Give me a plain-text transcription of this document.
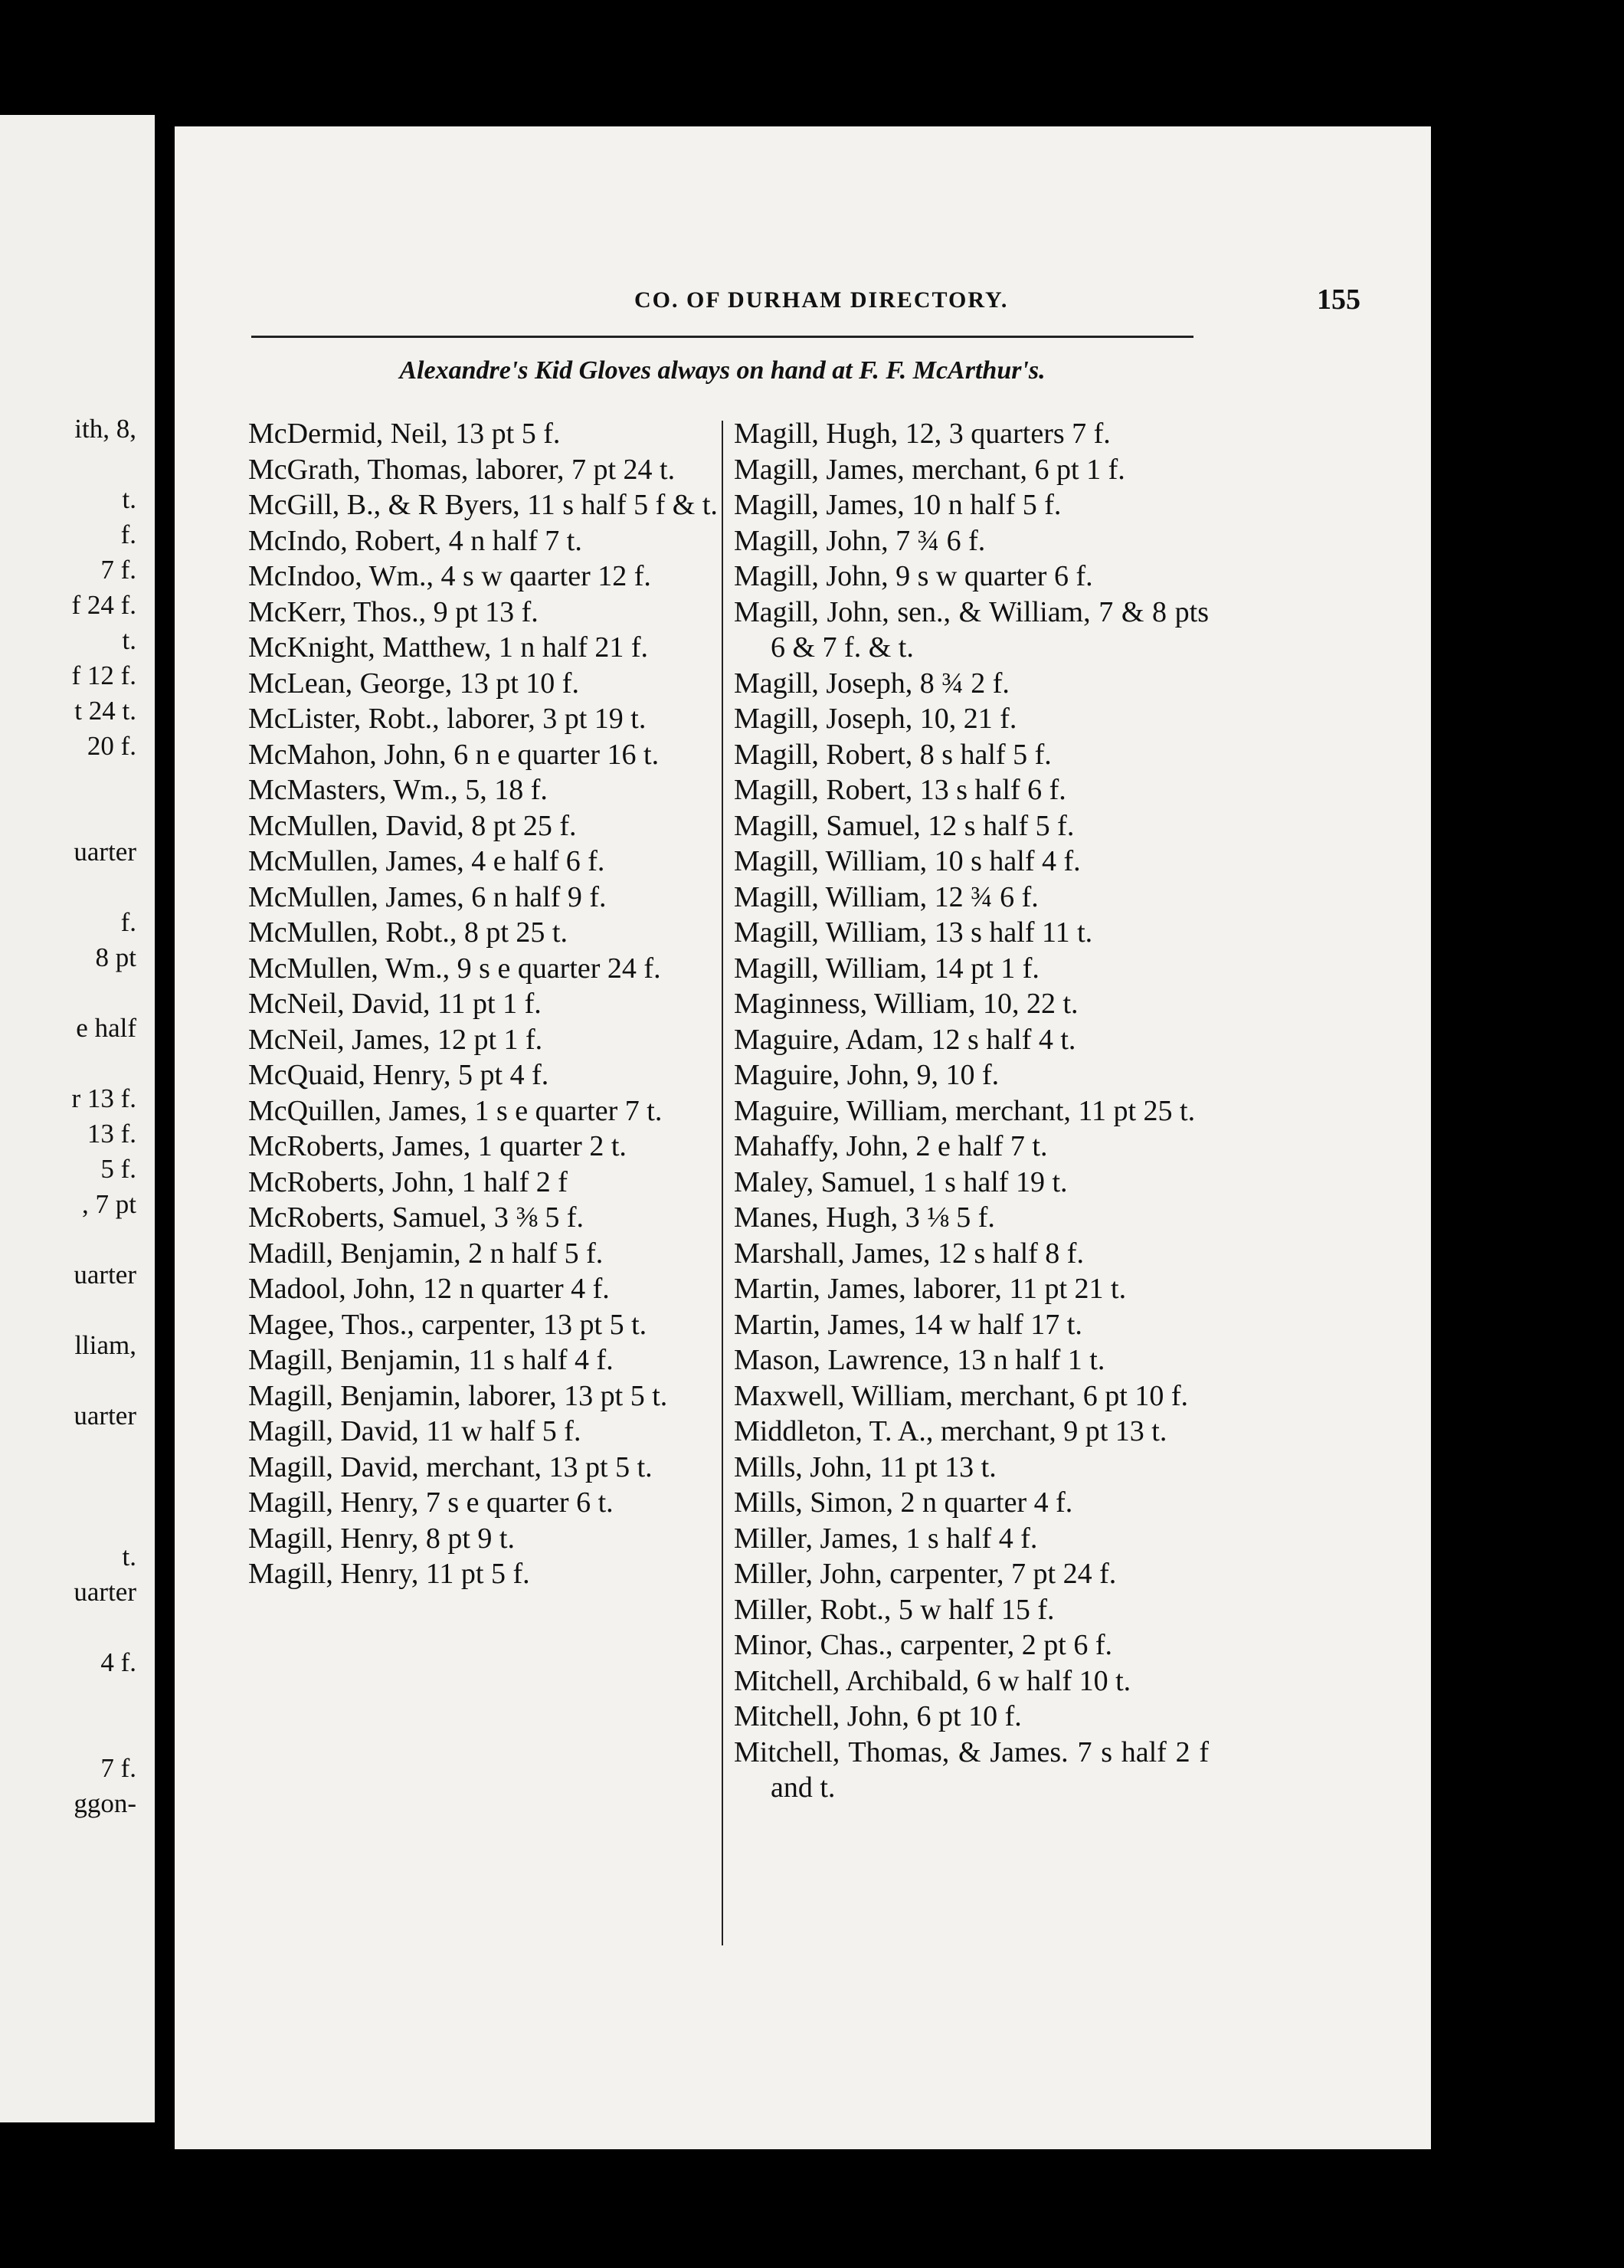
ith, 8,
t.
f.
7 f.
f 24 f.
t.
f 12 f.
t 24 t.
20 f.
uarter
f.
8 pt
e half
r 13 f.
13 f.
5 f.
, 7 pt
uarter
lliam,
uarter
t.
uarter
4 f.
7 f.
ggon-
CO. OF DURHAM DIRECTORY.	155
Alexandre's Kid Gloves always on hand at F. F. McArthur's.
McDermid, Neil, 13 pt 5 f.
McGrath, Thomas, laborer, 7 pt 24 t.
McGill, B., & R Byers, 11 s half 5 f & t.
McIndo, Robert, 4 n half 7 t.
McIndoo, Wm., 4 s w qaarter 12 f.
McKerr, Thos., 9 pt 13 f.
McKnight, Matthew, 1 n half 21 f.
McLean, George, 13 pt 10 f.
McLister, Robt., laborer, 3 pt 19 t.
McMahon, John, 6 n e quarter 16 t.
McMasters, Wm., 5, 18 f.
McMullen, David, 8 pt 25 f.
McMullen, James, 4 e half 6 f.
McMullen, James, 6 n half 9 f.
McMullen, Robt., 8 pt 25 t.
McMullen, Wm., 9 s e quarter 24 f.
McNeil, David, 11 pt 1 f.
McNeil, James, 12 pt 1 f.
McQuaid, Henry, 5 pt 4 f.
McQuillen, James, 1 s e quarter 7 t.
McRoberts, James, 1 quarter 2 t.
McRoberts, John, 1 half 2 f
McRoberts, Samuel, 3 ⅜ 5 f.
Madill, Benjamin, 2 n half 5 f.
Madool, John, 12 n quarter 4 f.
Magee, Thos., carpenter, 13 pt 5 t.
Magill, Benjamin, 11 s half 4 f.
Magill, Benjamin, laborer, 13 pt 5 t.
Magill, David, 11 w half 5 f.
Magill, David, merchant, 13 pt 5 t.
Magill, Henry, 7 s e quarter 6 t.
Magill, Henry, 8 pt 9 t.
Magill, Henry, 11 pt 5 f.
Magill, Hugh, 12, 3 quarters 7 f.
Magill, James, merchant, 6 pt 1 f.
Magill, James, 10 n half 5 f.
Magill, John, 7 ¾ 6 f.
Magill, John, 9 s w quarter 6 f.
Magill, John, sen., & William, 7 & 8 pts 6 & 7 f. & t.
Magill, Joseph, 8 ¾ 2 f.
Magill, Joseph, 10, 21 f.
Magill, Robert, 8 s half 5 f.
Magill, Robert, 13 s half 6 f.
Magill, Samuel, 12 s half 5 f.
Magill, William, 10 s half 4 f.
Magill, William, 12 ¾ 6 f.
Magill, William, 13 s half 11 t.
Magill, William, 14 pt 1 f.
Maginness, William, 10, 22 t.
Maguire, Adam, 12 s half 4 t.
Maguire, John, 9, 10 f.
Maguire, William, merchant, 11 pt 25 t.
Mahaffy, John, 2 e half 7 t.
Maley, Samuel, 1 s half 19 t.
Manes, Hugh, 3 ⅛ 5 f.
Marshall, James, 12 s half 8 f.
Martin, James, laborer, 11 pt 21 t.
Martin, James, 14 w half 17 t.
Mason, Lawrence, 13 n half 1 t.
Maxwell, William, merchant, 6 pt 10 f.
Middleton, T. A., merchant, 9 pt 13 t.
Mills, John, 11 pt 13 t.
Mills, Simon, 2 n quarter 4 f.
Miller, James, 1 s half 4 f.
Miller, John, carpenter, 7 pt 24 f.
Miller, Robt., 5 w half 15 f.
Minor, Chas., carpenter, 2 pt 6 f.
Mitchell, Archibald, 6 w half 10 t.
Mitchell, John, 6 pt 10 f.
Mitchell, Thomas, & James. 7 s half 2 f and t.
